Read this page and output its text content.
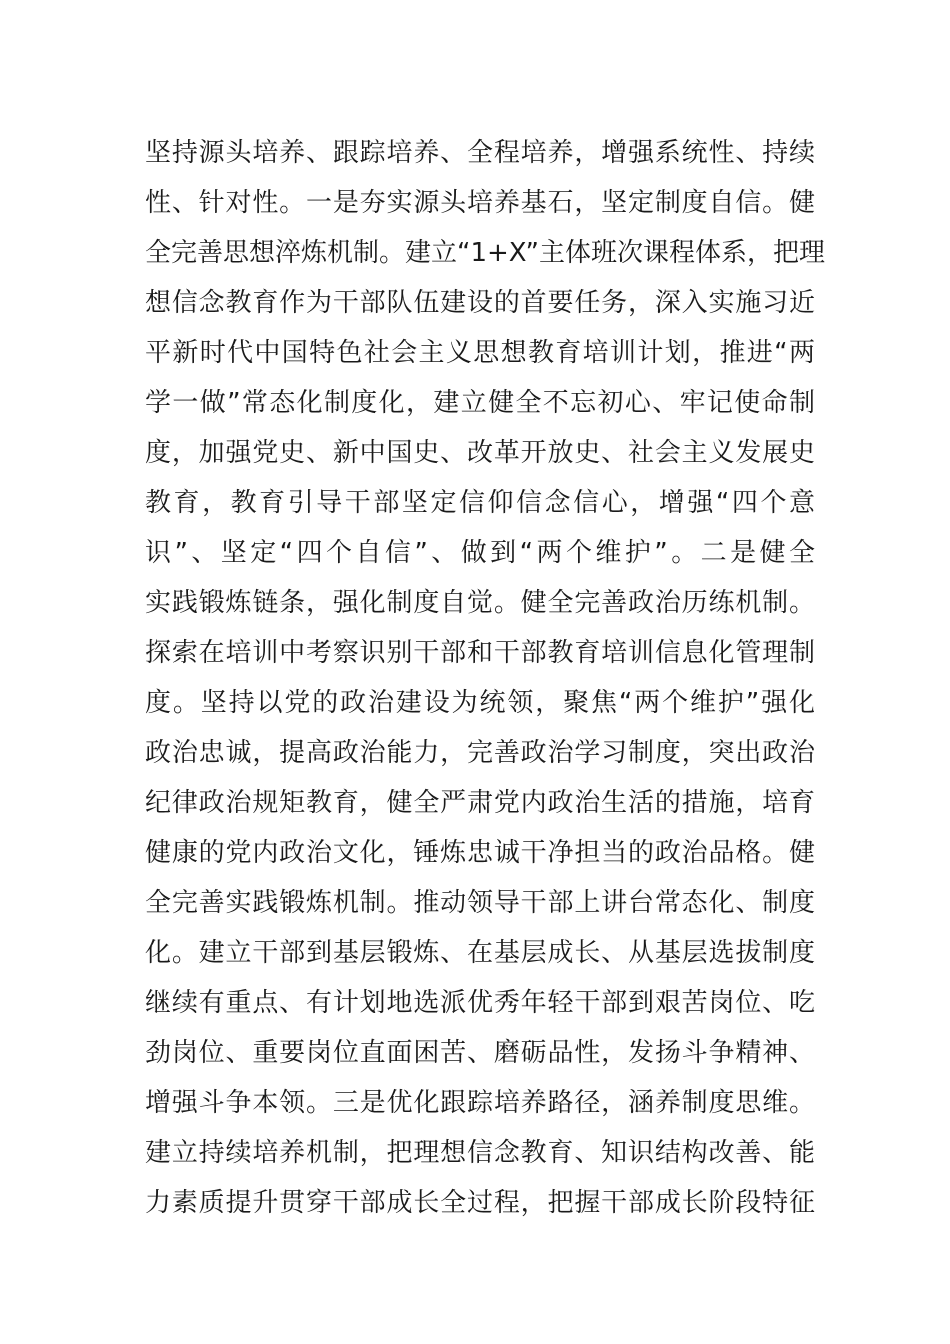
坚持源头培养、跟踪培养、全程培养，增强系统性、持续
性、针对性。一是夯实源头培养基石，坚定制度自信。健
全完善思想淬炼机制。建立“1+X”主体班次课程体系，把理
想信念教育作为干部队伍建设的首要任务，深入实施习近
平新时代中国特色社会主义思想教育培训计划，推进“两
学一做”常态化制度化，建立健全不忘初心、牢记使命制
度，加强党史、新中国史、改革开放史、社会主义发展史
教育，教育引导干部坚定信仰信念信心，增强“四个意
识”、坚定“四个自信”、做到“两个维护”。二是健全
实践锻炼链条，强化制度自觉。健全完善政治历练机制。
探索在培训中考察识别干部和干部教育培训信息化管理制
度。坚持以党的政治建设为统领，聚焦“两个维护”强化
政治忠诚，提高政治能力，完善政治学习制度，突出政治
纪律政治规矩教育，健全严肃党内政治生活的措施，培育
健康的党内政治文化，锤炼忠诚干净担当的政治品格。健
全完善实践锻炼机制。推动领导干部上讲台常态化、制度
化。建立干部到基层锻炼、在基层成长、从基层选拔制度
继续有重点、有计划地选派优秀年轻干部到艰苦岗位、吃
劲岗位、重要岗位直面困苦、磨砺品性，发扬斗争精神、
增强斗争本领。三是优化跟踪培养路径，涵养制度思维。
建立持续培养机制，把理想信念教育、知识结构改善、能
力素质提升贯穿干部成长全过程，把握干部成长阶段特征
